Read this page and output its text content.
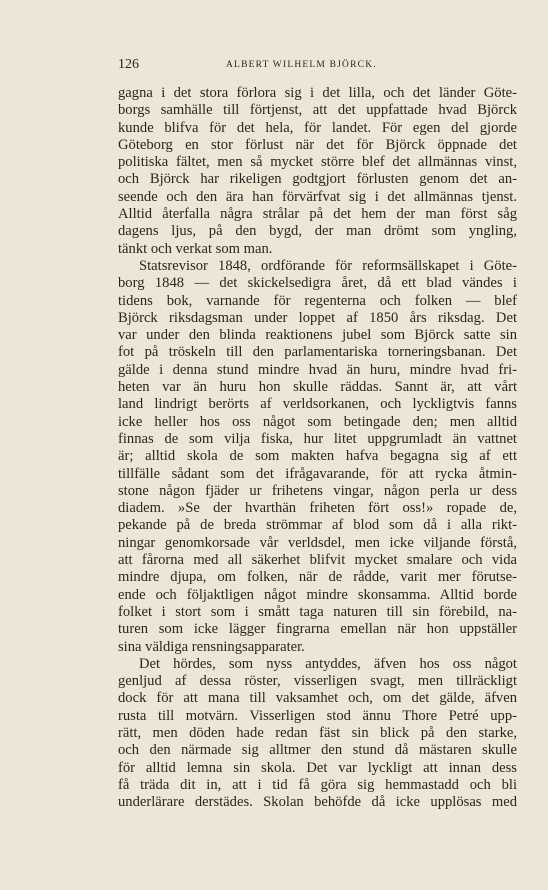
126	ALBERT WILHELM BJÖRCK.
gagna i det stora förlora sig i det lilla, och det länder Göte-
borgs samhälle till förtjenst, att det uppfattade hvad Björck
kunde blifva för det hela, för landet. För egen del gjorde
Göteborg en stor förlust när det för Björck öppnade det
politiska fältet, men så mycket större blef det allmännas vinst,
och Björck har rikeligen godtgjort förlusten genom det an-
seende och den ära han förvärfvat sig i det allmännas tjenst.
Alltid återfalla några strålar på det hem der man först såg
dagens ljus, på den bygd, der man drömt som yngling,
tänkt och verkat som man.
Statsrevisor 1848, ordförande för reformsällskapet i Göte-
borg 1848 — det skickelsedigra året, då ett blad vändes i
tidens bok, varnande för regenterna och folken — blef
Björck riksdagsman under loppet af 1850 års riksdag. Det
var under den blinda reaktionens jubel som Björck satte sin
fot på tröskeln till den parlamentariska torneringsbanan. Det
gälde i denna stund mindre hvad än huru, mindre hvad fri-
heten var än huru hon skulle räddas. Sannt är, att vårt
land lindrigt berörts af verldsorkanen, och lyckligtvis fanns
icke heller hos oss något som betingade den; men alltid
finnas de som vilja fiska, hur litet uppgrumladt än vattnet
är; alltid skola de som makten hafva begagna sig af ett
tillfälle sådant som det ifrågavarande, för att rycka åtmin-
stone någon fjäder ur frihetens vingar, någon perla ur dess
diadem. »Se der hvarthän friheten fört oss!» ropade de,
pekande på de breda strömmar af blod som då i alla rikt-
ningar genomkorsade vår verldsdel, men icke viljande förstå,
att fårorna med all säkerhet blifvit mycket smalare och vida
mindre djupa, om folken, när de rådde, varit mer förutse-
ende och följaktligen något mindre skonsamma. Alltid borde
folket i stort som i smått taga naturen till sin förebild, na-
turen som icke lägger fingrarna emellan när hon uppställer
sina väldiga rensningsapparater.
Det hördes, som nyss antyddes, äfven hos oss något
genljud af dessa röster, visserligen svagt, men tillräckligt
dock för att mana till vaksamhet och, om det gälde, äfven
rusta till motvärn. Visserligen stod ännu Thore Petré upp-
rätt, men döden hade redan fäst sin blick på den starke,
och den närmade sig alltmer den stund då mästaren skulle
för alltid lemna sin skola. Det var lyckligt att innan dess
få träda dit in, att i tid få göra sig hemmastadd och bli
underlärare derstädes. Skolan behöfde då icke upplösas med
